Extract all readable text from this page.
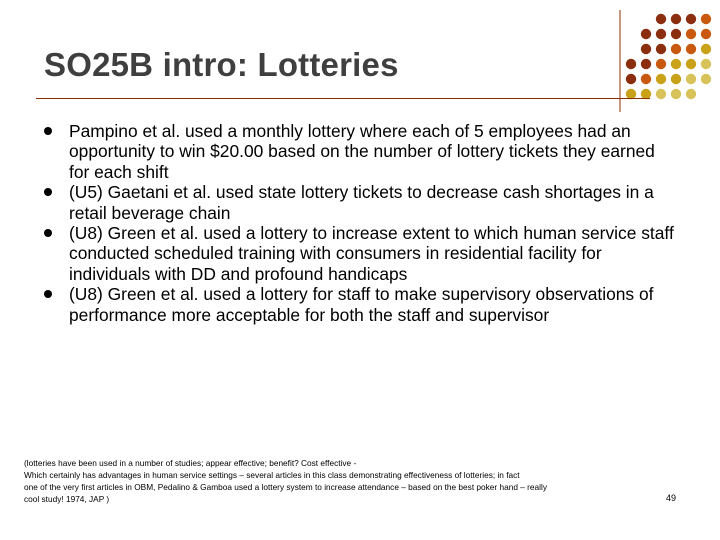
SO25B intro: Lotteries
Pampino et al. used a monthly lottery where each of 5 employees had an opportunity to win $20.00 based on the number of lottery tickets they earned for each shift
(U5) Gaetani et al. used state lottery tickets to decrease cash shortages in a retail beverage chain
(U8) Green et al. used a lottery to increase extent to which human service staff conducted scheduled training with consumers in residential facility for individuals with DD and profound handicaps
(U8) Green et al. used a lottery for staff to make supervisory observations of performance more acceptable for both the staff and supervisor
(lotteries have been used in a number of studies; appear effective; benefit? Cost effective -
Which certainly has advantages in human service settings – several articles in this class demonstrating effectiveness of lotteries; in fact
one of the very first articles in OBM, Pedalino & Gamboa used a lottery system to increase attendance – based on the best poker hand – really
cool study! 1974, JAP )	49
